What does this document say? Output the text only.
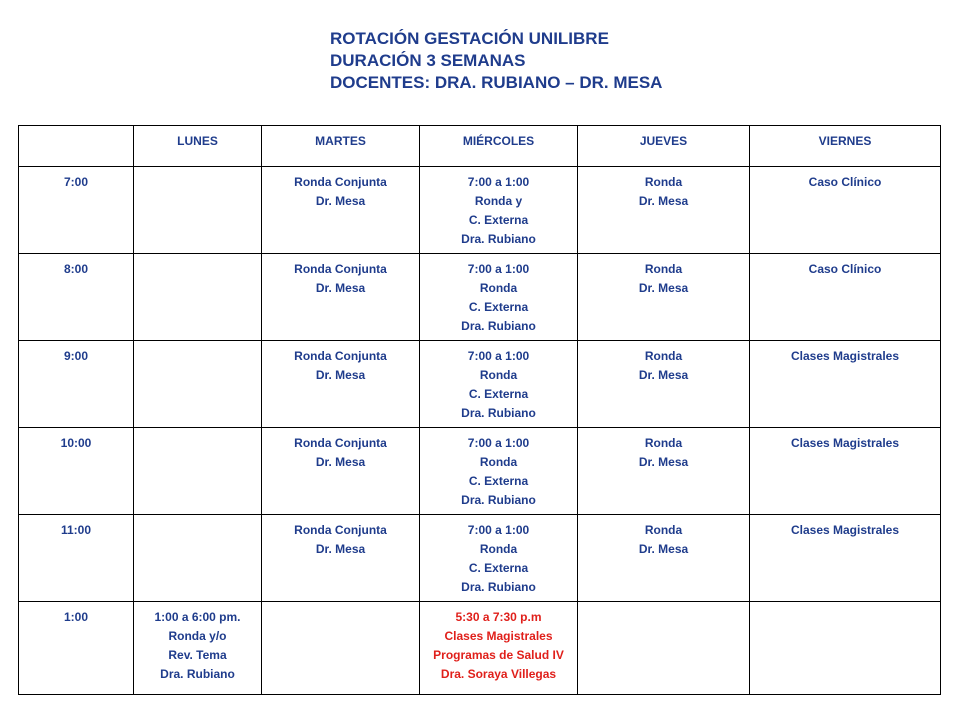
ROTACIÓN GESTACIÓN UNILIBRE
DURACIÓN 3 SEMANAS
DOCENTES: DRA. RUBIANO – DR. MESA
	LUNES	MARTES	MIÉRCOLES	JUEVES	VIERNES
7:00		Ronda Conjunta
Dr. Mesa	7:00 a 1:00
Ronda y
C. Externa
Dra. Rubiano	Ronda
Dr. Mesa	Caso Clínico

8:00		Ronda Conjunta
Dr. Mesa	7:00 a 1:00
Ronda
C. Externa
Dra. Rubiano	Ronda
Dr. Mesa	Caso Clínico

9:00		Ronda Conjunta
Dr. Mesa	7:00 a 1:00
Ronda
C. Externa
Dra. Rubiano	Ronda
Dr. Mesa	Clases Magistrales

10:00		Ronda Conjunta
Dr. Mesa	7:00 a 1:00
Ronda
C. Externa
Dra. Rubiano	Ronda
Dr. Mesa	Clases Magistrales

11:00		Ronda Conjunta
Dr. Mesa	7:00 a 1:00
Ronda
C. Externa
Dra. Rubiano	Ronda
Dr. Mesa	Clases Magistrales

1:00	1:00 a 6:00 pm.
Ronda y/o
Rev. Tema
Dra. Rubiano		5:30 a 7:30 p.m
Clases Magistrales
Programas de Salud IV
Dra. Soraya Villegas		
